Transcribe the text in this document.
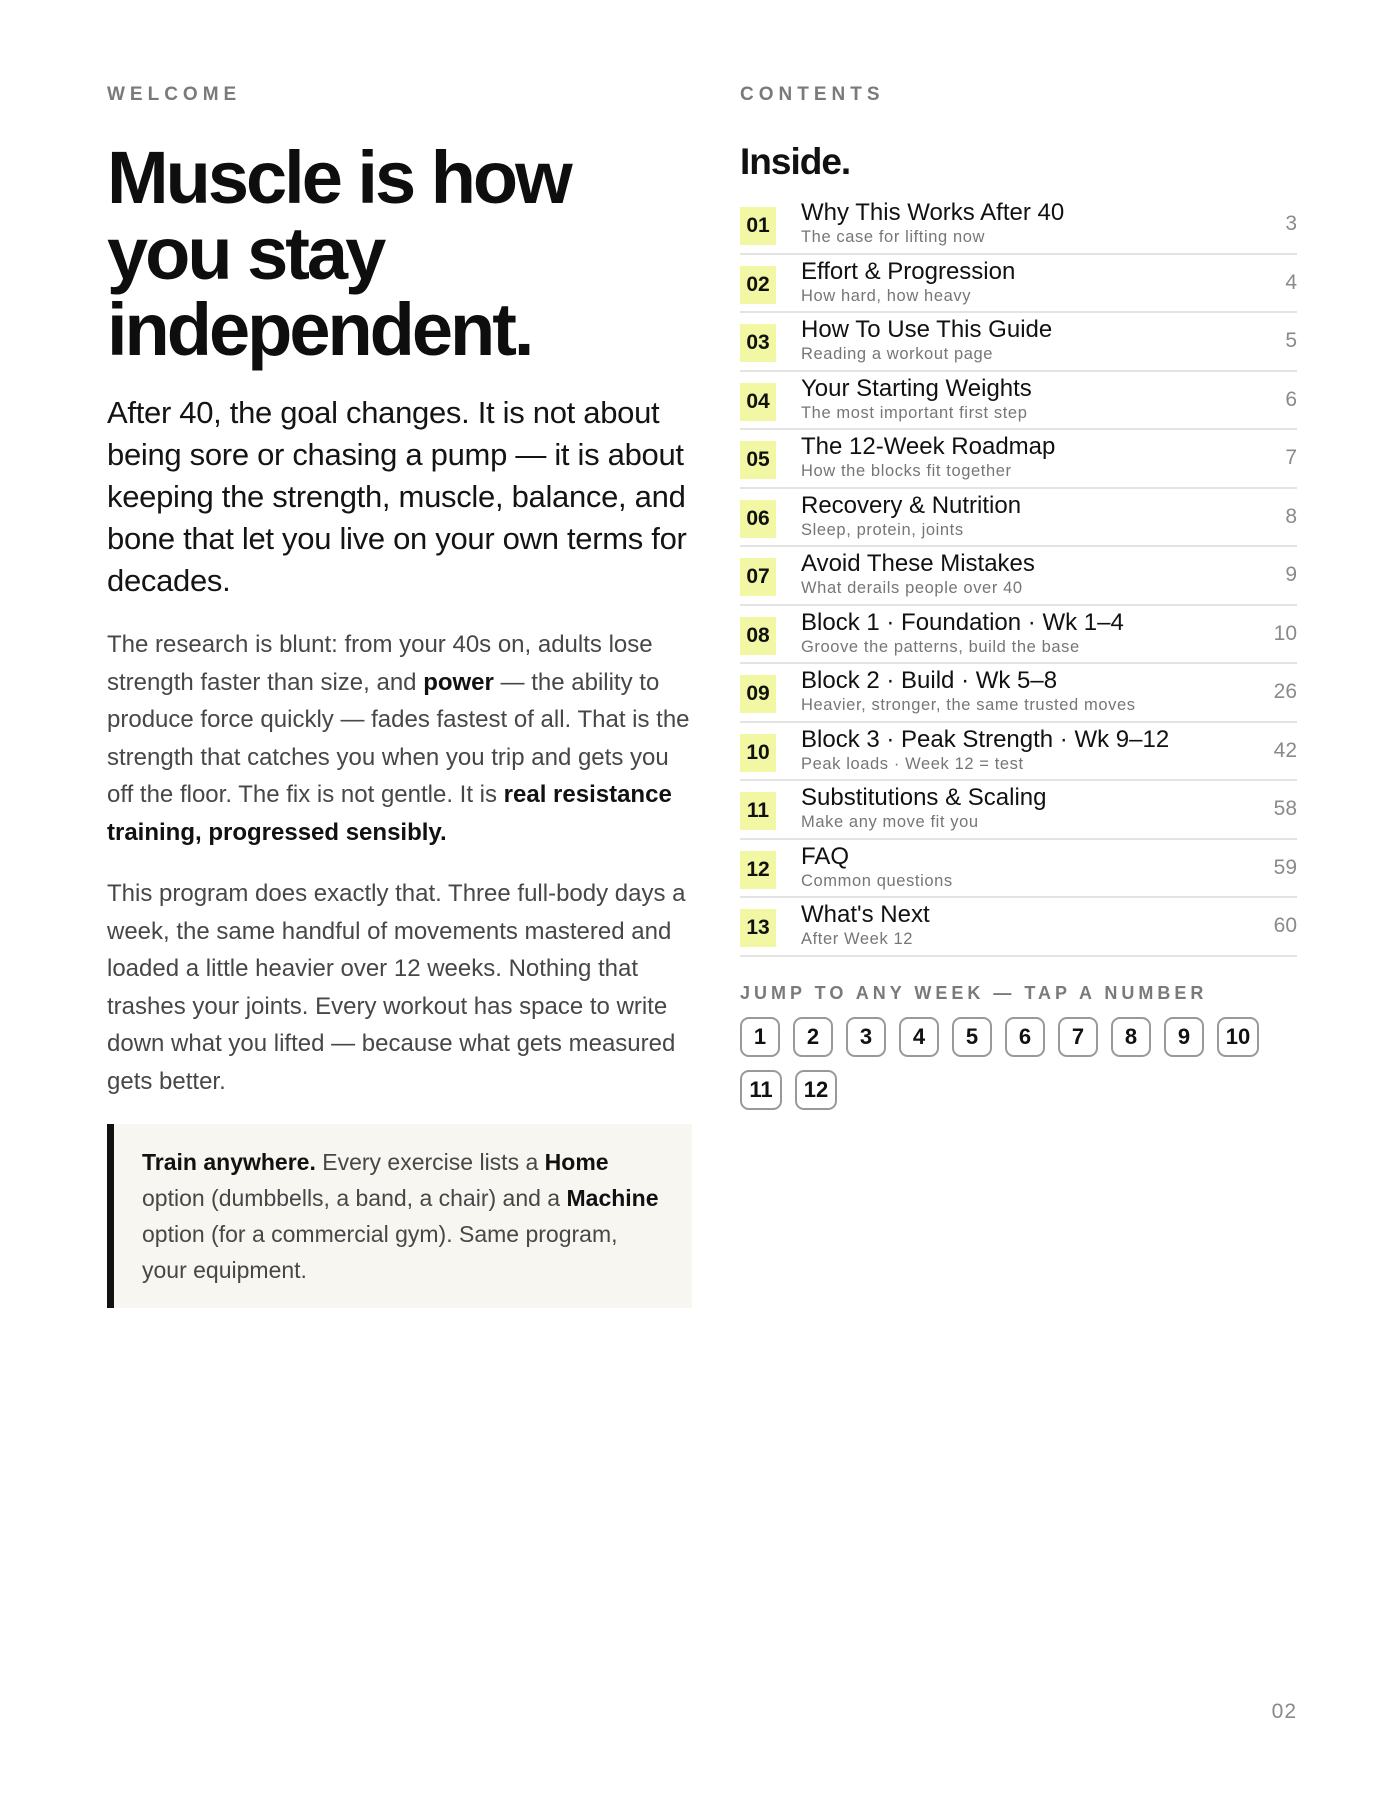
WELCOME

Muscle is how
you stay
independent.

After 40, the goal changes. It is not about being sore or chasing a pump — it is about keeping the strength, muscle, balance, and bone that let you live on your own terms for decades.

The research is blunt: from your 40s on, adults lose strength faster than size, and power — the ability to produce force quickly — fades fastest of all. That is the strength that catches you when you trip and gets you off the floor. The fix is not gentle. It is real resistance training, progressed sensibly.

This program does exactly that. Three full-body days a week, the same handful of movements mastered and loaded a little heavier over 12 weeks. Nothing that trashes your joints. Every workout has space to write down what you lifted — because what gets measured gets better.

Train anywhere. Every exercise lists a Home option (dumbbells, a band, a chair) and a Machine option (for a commercial gym). Same program, your equipment.

CONTENTS

Inside.
01 Why This Works After 40
The case for lifting now
3
02 Effort & Progression
How hard, how heavy
4
03 How To Use This Guide
Reading a workout page
5
04 Your Starting Weights
The most important first step
6
05 The 12-Week Roadmap
How the blocks fit together
7
06 Recovery & Nutrition
Sleep, protein, joints
8
07 Avoid These Mistakes
What derails people over 40
9
08 Block 1 · Foundation · Wk 1–4
Groove the patterns, build the base
10
09 Block 2 · Build · Wk 5–8
Heavier, stronger, the same trusted moves
26
10 Block 3 · Peak Strength · Wk 9–12
Peak loads · Week 12 = test
42
11 Substitutions & Scaling
Make any move fit you
58
12 FAQ
Common questions
59
13 What's Next
After Week 12
60
JUMP TO ANY WEEK — TAP A NUMBER
1	2	3	4	5	6	7	8	9	10
11	12
02
